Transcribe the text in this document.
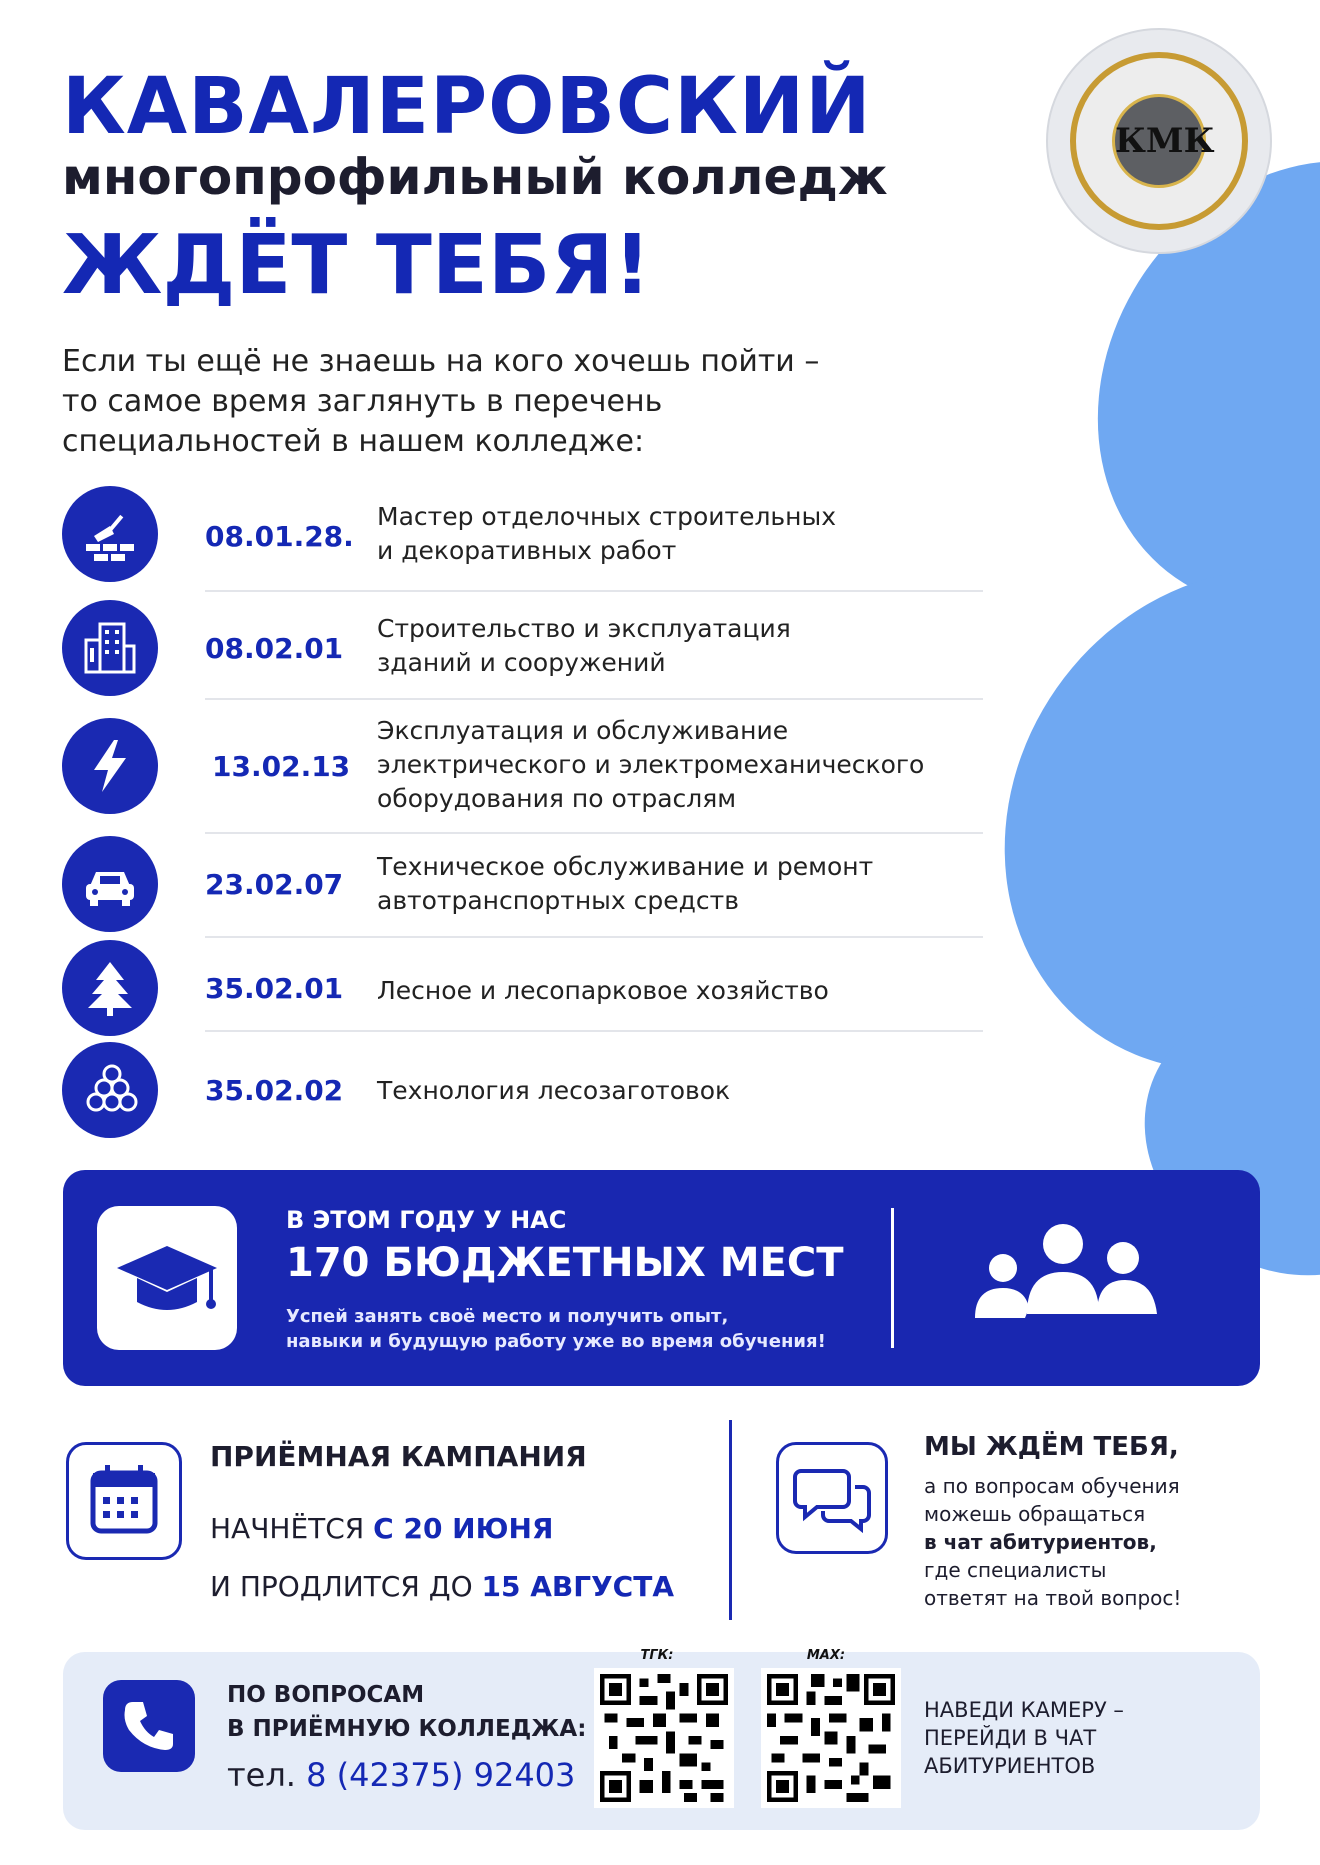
КАВАЛЕРОВСКИЙ
многопрофильный колледж
ЖДЁТ ТЕБЯ!
КМК
Если ты ещё не знаешь на кого хочешь пойти –
то самое время заглянуть в перечень
специальностей в нашем колледже:
08.01.28.
Мастер отделочных строительных
и декоративных работ
08.02.01
Строительство и эксплуатация
зданий и сооружений
13.02.13
Эксплуатация и обслуживание
электрического и электромеханического
оборудования по отраслям
23.02.07
Техническое обслуживание и ремонт
автотранспортных средств
35.02.01	Лесное и лесопарковое хозяйство
35.02.02	Технология лесозаготовок
В ЭТОМ ГОДУ У НАС
170 БЮДЖЕТНЫХ МЕСТ
Успей занять своё место и получить опыт,
навыки и будущую работу уже во время обучения!
ПРИЁМНАЯ КАМПАНИЯ
НАЧНЁТСЯ С 20 ИЮНЯ
И ПРОДЛИТСЯ ДО 15 АВГУСТА
МЫ ЖДЁМ ТЕБЯ,
а по вопросам обучения
можешь обращаться
в чат абитуриентов,
где специалисты
ответят на твой вопрос!
ПО ВОПРОСАМ
В ПРИЁМНУЮ КОЛЛЕДЖА:
тел. 8 (42375) 92403
ТГК:	MAX:
НАВЕДИ КАМЕРУ –
ПЕРЕЙДИ В ЧАТ
АБИТУРИЕНТОВ
